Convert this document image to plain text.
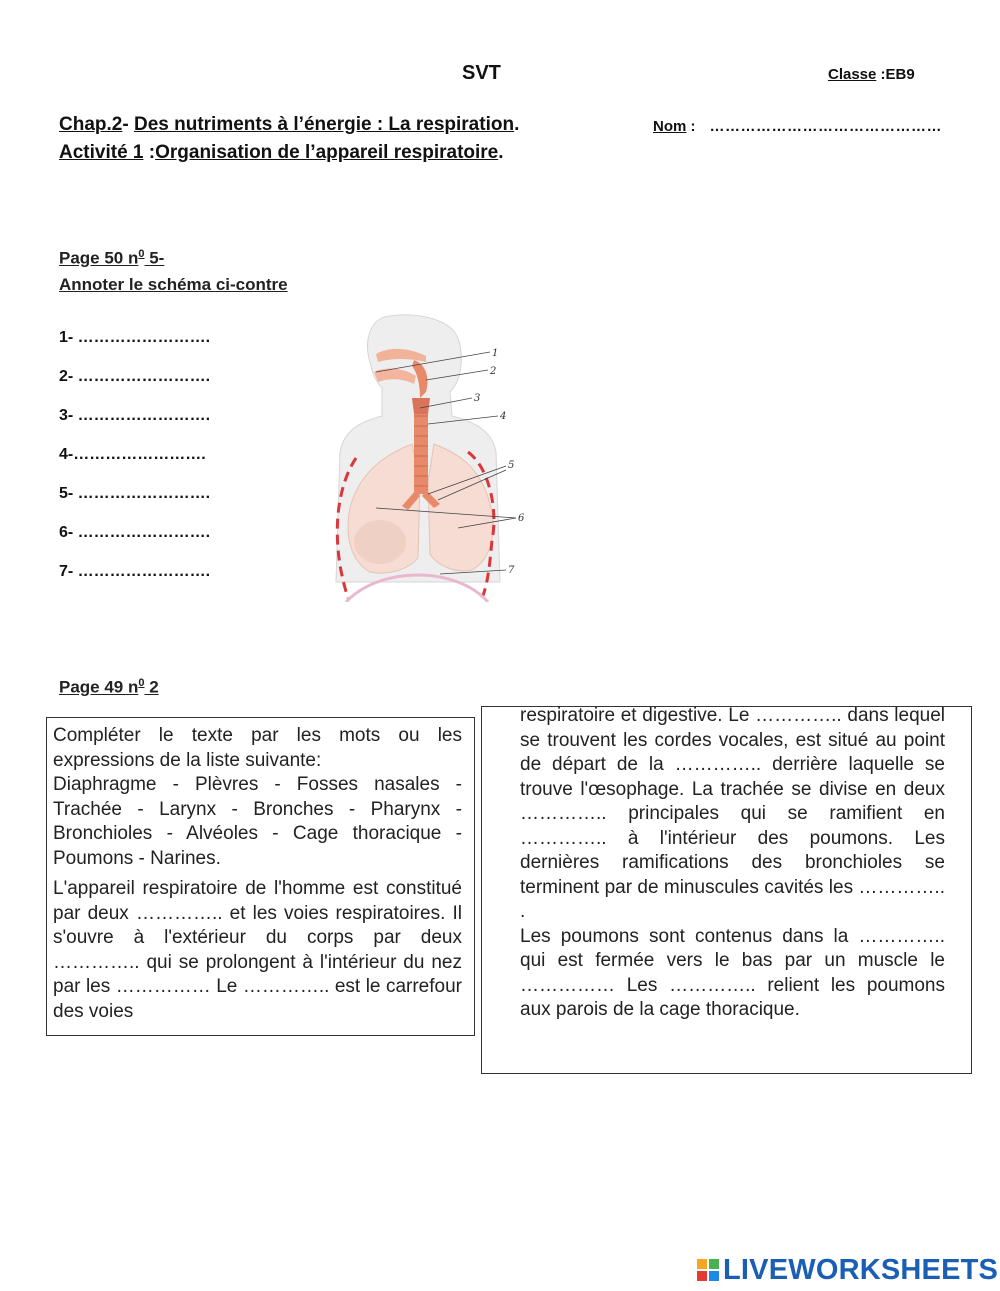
SVT	Classe :EB9
Chap.2- Des nutriments à l’énergie : La respiration.
Activité 1 :Organisation de l’appareil respiratoire.
Nom : ………………………………………
Page 50 $n^0$ 5-
Annoter le schéma ci-contre
1- …………………….
2- …………………….
3- …………………….
4-…………………….
5- …………………….
6- …………………….
7- …………………….
1
2
3
4
5
6
7
Page 49 $n^0$ 2

Compléter le texte par les mots ou les expressions de la liste suivante:

Diaphragme - Plèvres - Fosses nasales - Trachée - Larynx - Bronches - Pharynx - Bronchioles - Alvéoles - Cage thoracique - Poumons - Narines.

L'appareil respiratoire de l'homme est constitué par deux ………….. et les voies respiratoires. Il s'ouvre à l'extérieur du corps par deux ………….. qui se prolongent à l'intérieur du nez par les …………… Le ………….. est le carrefour des voies

respiratoire et digestive. Le ………….. dans lequel se trouvent les cordes vocales, est situé au point de départ de la ………….. derrière laquelle se trouve l'œsophage. La trachée se divise en deux ………….. principales qui se ramifient en ………….. à l'intérieur des poumons. Les dernières ramifications des bronchioles se terminent par de minuscules cavités les ………….. .

Les poumons sont contenus dans la ………….. qui est fermée vers le bas par un muscle le …………… Les ………….. relient les poumons aux parois de la cage thoracique.

LIVEWORKSHEETS
